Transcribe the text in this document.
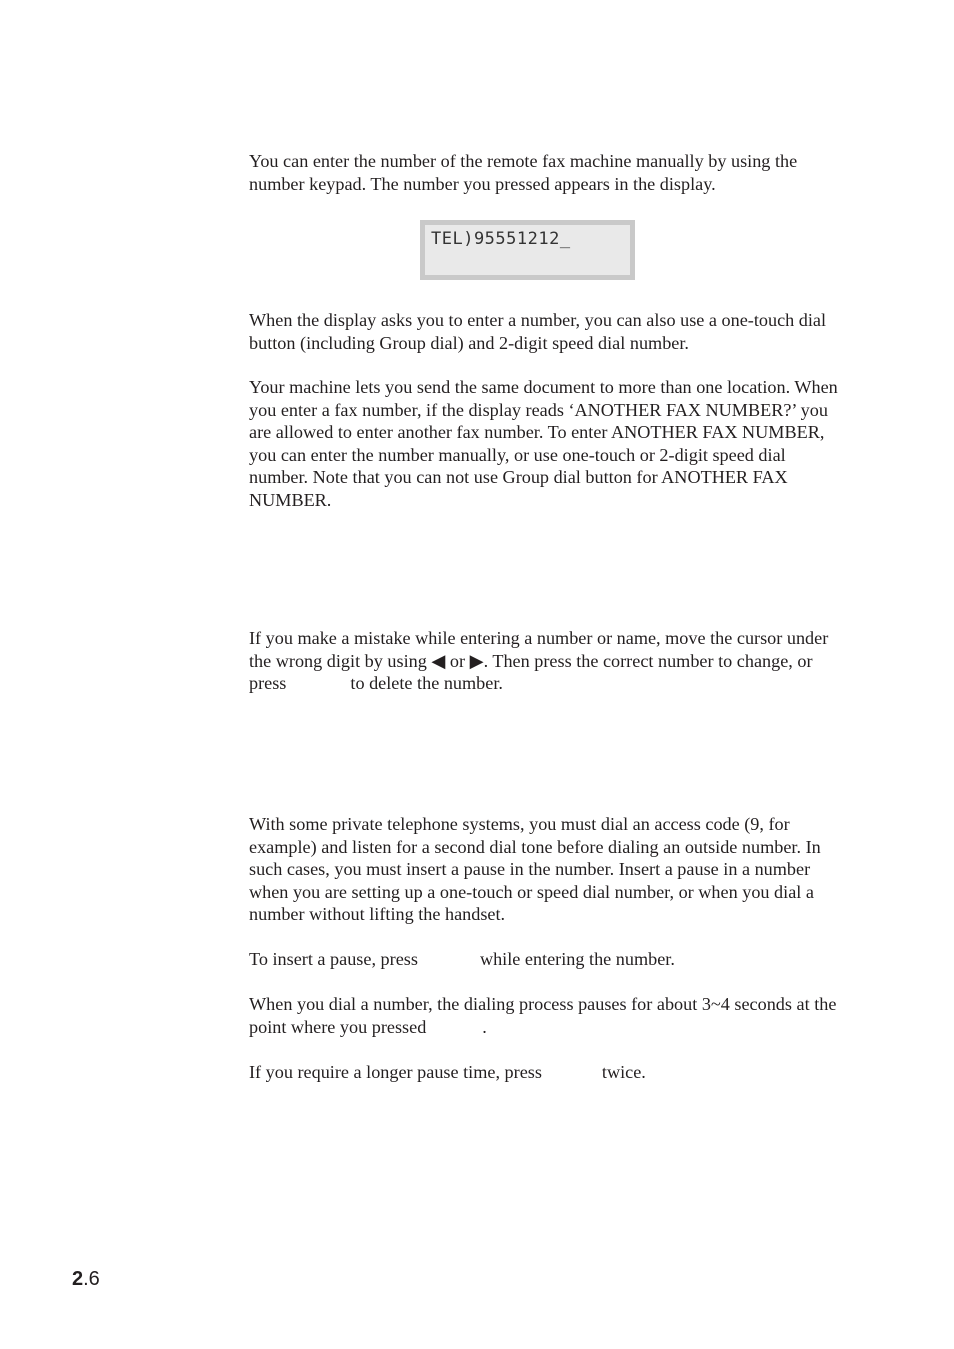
You can enter the number of the remote fax machine manually by using the number keypad. The number you pressed appears in the display.

TEL)95551212_

When the display asks you to enter a number, you can also use a one-touch dial button (including Group dial) and 2-digit speed dial number.

Your machine lets you send the same document to more than one location. When you enter a fax number, if the display reads ‘ANOTHER FAX NUMBER?’ you are allowed to enter another fax number. To enter ANOTHER FAX NUMBER, you can enter the number manually, or use one-touch or 2-digit speed dial number. Note that you can not use Group dial button for ANOTHER FAX NUMBER.

If you make a mistake while entering a number or name, move the cursor under the wrong digit by using ◀ or ▶. Then press the correct number to change, or press	to delete the number.

With some private telephone systems, you must dial an access code (9, for example) and listen for a second dial tone before dialing an outside number. In such cases, you must insert a pause in the number. Insert a pause in a number when you are setting up a one-touch or speed dial number, or when you dial a number without lifting the handset.

To insert a pause, press	while entering the number.

When you dial a number, the dialing process pauses for about 3~4 seconds at the point where you pressed	.

If you require a longer pause time, press	twice.

2.6
